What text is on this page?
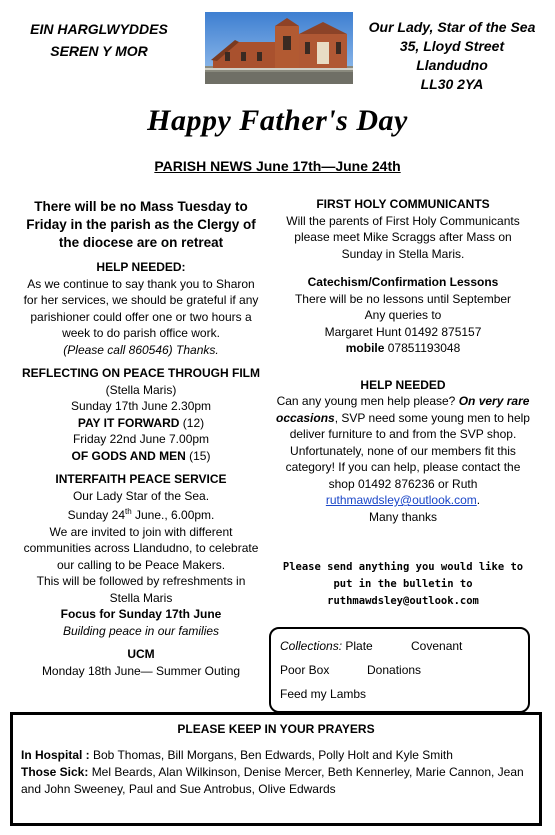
EIN HARGLWYDDES
SEREN Y MOR
Our Lady, Star of the Sea
35, Lloyd Street
Llandudno
LL30 2YA
Happy Father's Day
PARISH NEWS June 17th—June 24th

There will be no Mass Tuesday to Friday in the parish as the Clergy of the diocese are on retreat

HELP NEEDED:

As we continue to say thank you to Sharon for her services, we should be grateful if any parishioner could offer one or two hours a week to do parish office work.

(Please call 860546) Thanks.

REFLECTING ON PEACE THROUGH FILM

(Stella Maris)

Sunday 17th June 2.30pm

PAY IT FORWARD (12)

Friday 22nd June 7.00pm

OF GODS AND MEN (15)

INTERFAITH PEACE SERVICE

Our Lady Star of the Sea.

Sunday 24th June., 6.00pm.

We are invited to join with different communities across Llandudno, to celebrate our calling to be Peace Makers.

This will be followed by refreshments in Stella Maris

Focus for Sunday 17th June

Building peace in our families

UCM

Monday 18th June— Summer Outing

FIRST HOLY COMMUNICANTS

Will the parents of First Holy Communicants please meet Mike Scraggs after Mass on Sunday in Stella Maris.

Catechism/Confirmation Lessons

There will be no lessons until September

Any queries to

Margaret Hunt 01492 875157

mobile 07851193048

HELP NEEDED

Can any young men help please? On very rare occasions, SVP need some young men to help deliver furniture to and from the SVP shop. Unfortunately, none of our members fit this category! If you can help, please contact the shop 01492 876236 or Ruth ruthmawdsley@outlook.com.

Many thanks

Please send anything you would like to
put in the bulletin to
ruthmawdsley@outlook.com
Collections: Plate	Covenant
Poor Box	Donations
Feed my Lambs
PLEASE KEEP IN YOUR PRAYERS
In Hospital : Bob Thomas, Bill Morgans, Ben Edwards, Polly Holt and Kyle Smith
Those Sick: Mel Beards, Alan Wilkinson, Denise Mercer, Beth Kennerley, Marie Cannon, Jean and John Sweeney, Paul and Sue Antrobus, Olive Edwards
